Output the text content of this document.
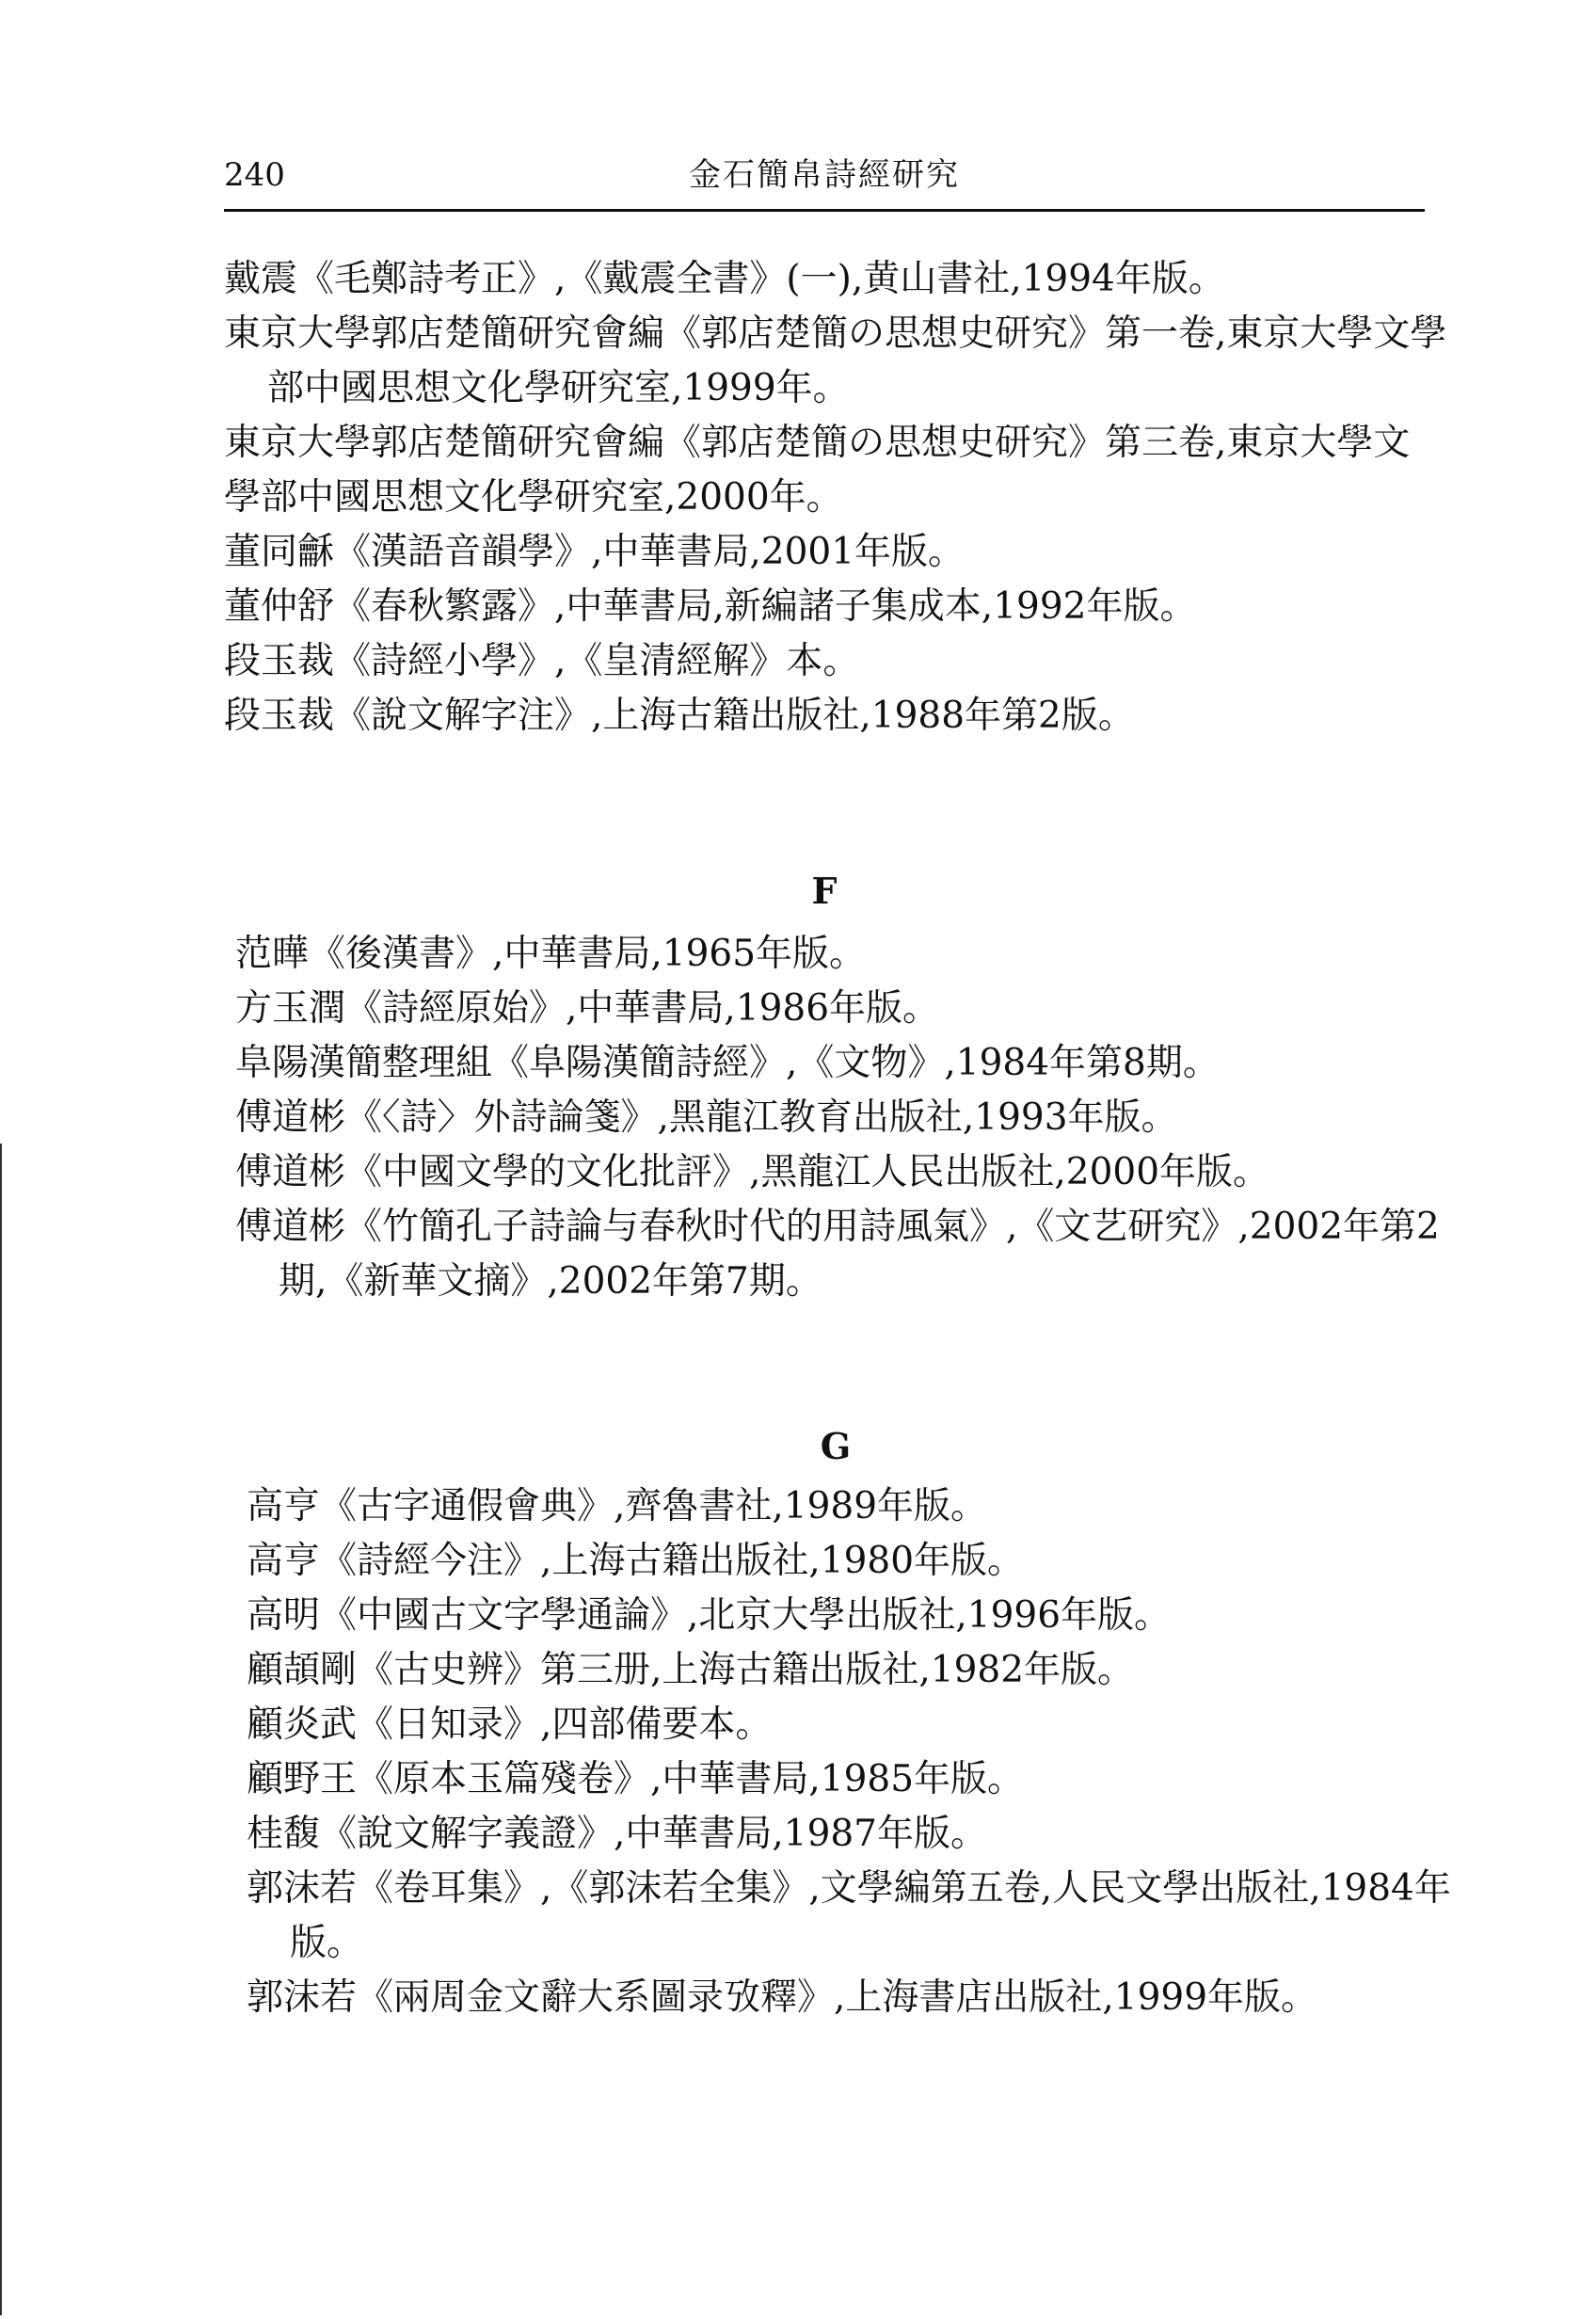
240	金石簡帛詩經研究
戴震《毛鄭詩考正》,《戴震全書》(一),黄山書社,1994年版。
東京大學郭店楚簡研究會編《郭店楚簡の思想史研究》第一卷,東京大學文學部中國思想文化學研究室,1999年。
東京大學郭店楚簡研究會編《郭店楚簡の思想史研究》第三卷,東京大學文學部中國思想文化學研究室,2000年。
董同龢《漢語音韻學》,中華書局,2001年版。
董仲舒《春秋繁露》,中華書局,新編諸子集成本,1992年版。
段玉裁《詩經小學》,《皇清經解》本。
段玉裁《說文解字注》,上海古籍出版社,1988年第2版。
F
范曄《後漢書》,中華書局,1965年版。
方玉潤《詩經原始》,中華書局,1986年版。
阜陽漢簡整理組《阜陽漢簡詩經》,《文物》,1984年第8期。
傅道彬《〈詩〉外詩論箋》,黑龍江教育出版社,1993年版。
傅道彬《中國文學的文化批評》,黑龍江人民出版社,2000年版。
傅道彬《竹簡孔子詩論与春秋时代的用詩風氣》,《文艺研究》,2002年第2期,《新華文摘》,2002年第7期。
G
高亨《古字通假會典》,齊魯書社,1989年版。
高亨《詩經今注》,上海古籍出版社,1980年版。
高明《中國古文字學通論》,北京大學出版社,1996年版。
顧頡剛《古史辨》第三册,上海古籍出版社,1982年版。
顧炎武《日知录》,四部備要本。
顧野王《原本玉篇殘卷》,中華書局,1985年版。
桂馥《說文解字義證》,中華書局,1987年版。
郭沫若《卷耳集》,《郭沫若全集》,文學編第五卷,人民文學出版社,1984年版。
郭沫若《兩周金文辭大系圖录攷釋》,上海書店出版社,1999年版。
